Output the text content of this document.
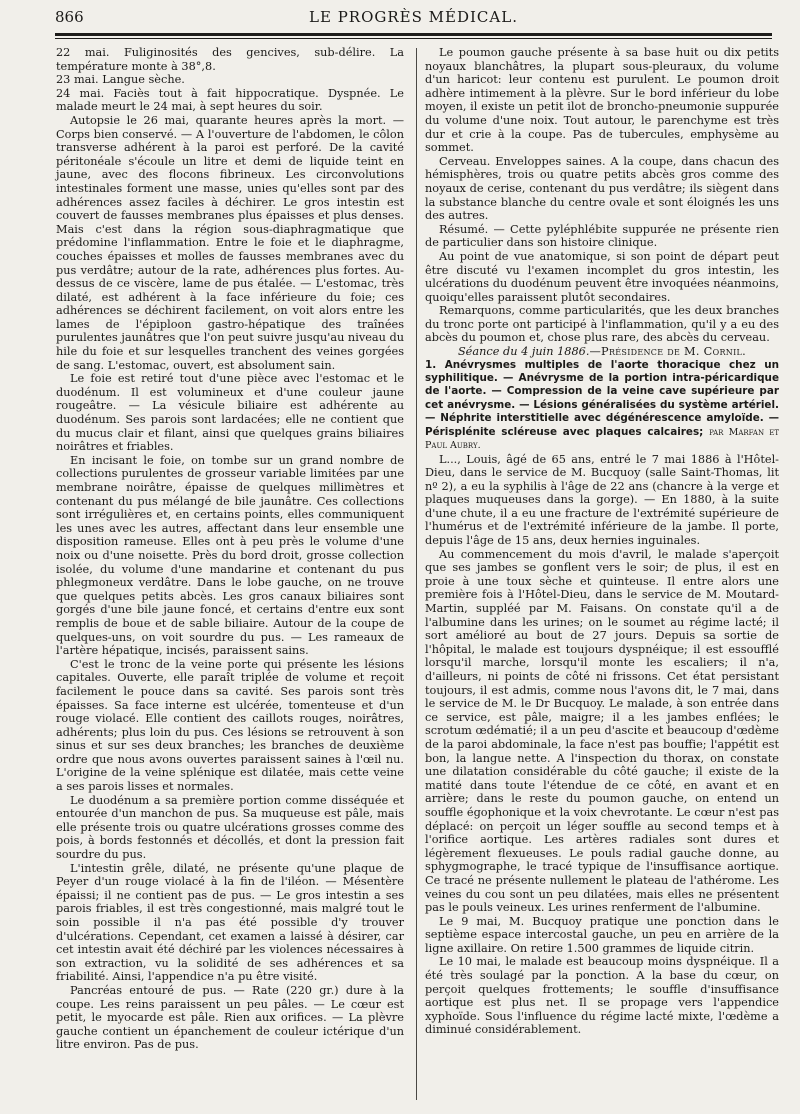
866	LE PROGRÈS MÉDICAL.

22 mai. Fuliginosités des gencives, sub-délire. La température monte à 38°,8.

23 mai. Langue sèche.

24 mai. Faciès tout à fait hippocratique. Dyspnée. Le malade meurt le 24 mai, à sept heures du soir.

Autopsie le 26 mai, quarante heures après la mort. — Corps bien conservé. — A l'ouverture de l'abdomen, le côlon transverse adhérent à la paroi est perforé. De la cavité péritonéale s'écoule un litre et demi de liquide teint en jaune, avec des flocons fibrineux. Les circonvolutions intestinales forment une masse, unies qu'elles sont par des adhérences assez faciles à déchirer. Le gros intestin est couvert de fausses membranes plus épaisses et plus denses. Mais c'est dans la région sous-diaphragmatique que prédomine l'inflammation. Entre le foie et le diaphragme, couches épaisses et molles de fausses membranes avec du pus verdâtre; autour de la rate, adhérences plus fortes. Au-dessus de ce viscère, lame de pus étalée. — L'estomac, très dilaté, est adhérent à la face inférieure du foie; ces adhérences se déchirent facilement, on voit alors entre les lames de l'épiploon gastro-hépatique des traînées purulentes jaunâtres que l'on peut suivre jusqu'au niveau du hile du foie et sur lesquelles tranchent des veines gorgées de sang. L'estomac, ouvert, est absolument sain.

Le foie est retiré tout d'une pièce avec l'estomac et le duodénum. Il est volumineux et d'une couleur jaune rougeâtre. — La vésicule biliaire est adhérente au duodénum. Ses parois sont lardacées; elle ne contient que du mucus clair et filant, ainsi que quelques grains biliaires noirâtres et friables.

En incisant le foie, on tombe sur un grand nombre de collections purulentes de grosseur variable limitées par une membrane noirâtre, épaisse de quelques millimètres et contenant du pus mélangé de bile jaunâtre. Ces collections sont irrégulières et, en certains points, elles communiquent les unes avec les autres, affectant dans leur ensemble une disposition rameuse. Elles ont à peu près le volume d'une noix ou d'une noisette. Près du bord droit, grosse collection isolée, du volume d'une mandarine et contenant du pus phlegmoneux verdâtre. Dans le lobe gauche, on ne trouve que quelques petits abcès. Les gros canaux biliaires sont gorgés d'une bile jaune foncé, et certains d'entre eux sont remplis de boue et de sable biliaire. Autour de la coupe de quelques-uns, on voit sourdre du pus. — Les rameaux de l'artère hépatique, incisés, paraissent sains.

C'est le tronc de la veine porte qui présente les lésions capitales. Ouverte, elle paraît triplée de volume et reçoit facilement le pouce dans sa cavité. Ses parois sont très épaisses. Sa face interne est ulcérée, tomenteuse et d'un rouge violacé. Elle contient des caillots rouges, noirâtres, adhérents; plus loin du pus. Ces lésions se retrouvent à son sinus et sur ses deux branches; les branches de deuxième ordre que nous avons ouvertes paraissent saines à l'œil nu. L'origine de la veine splénique est dilatée, mais cette veine a ses parois lisses et normales.

Le duodénum a sa première portion comme disséquée et entourée d'un manchon de pus. Sa muqueuse est pâle, mais elle présente trois ou quatre ulcérations grosses comme des pois, à bords festonnés et décollés, et dont la pression fait sourdre du pus.

L'intestin grêle, dilaté, ne présente qu'une plaque de Peyer d'un rouge violacé à la fin de l'iléon. — Mésentère épaissi; il ne contient pas de pus. — Le gros intestin a ses parois friables, il est très congestionné, mais malgré tout le soin possible il n'a pas été possible d'y trouver d'ulcérations. Cependant, cet examen a laissé à désirer, car cet intestin avait été déchiré par les violences nécessaires à son extraction, vu la solidité de ses adhérences et sa friabilité. Ainsi, l'appendice n'a pu être visité.

Pancréas entouré de pus. — Rate (220 gr.) dure à la coupe. Les reins paraissent un peu pâles. — Le cœur est petit, le myocarde est pâle. Rien aux orifices. — La plèvre gauche contient un épanchement de couleur ictérique d'un litre environ. Pas de pus.

Le poumon gauche présente à sa base huit ou dix petits noyaux blanchâtres, la plupart sous-pleuraux, du volume d'un haricot: leur contenu est purulent. Le poumon droit adhère intimement à la plèvre. Sur le bord inférieur du lobe moyen, il existe un petit ilot de broncho-pneumonie suppurée du volume d'une noix. Tout autour, le parenchyme est très dur et crie à la coupe. Pas de tubercules, emphysème au sommet.

Cerveau. Enveloppes saines. A la coupe, dans chacun des hémisphères, trois ou quatre petits abcès gros comme des noyaux de cerise, contenant du pus verdâtre; ils siègent dans la substance blanche du centre ovale et sont éloignés les uns des autres.

Résumé. — Cette pyléphlébite suppurée ne présente rien de particulier dans son histoire clinique.

Au point de vue anatomique, si son point de départ peut être discuté vu l'examen incomplet du gros intestin, les ulcérations du duodénum peuvent être invoquées néanmoins, quoiqu'elles paraissent plutôt secondaires.

Remarquons, comme particularités, que les deux branches du tronc porte ont participé à l'inflammation, qu'il y a eu des abcès du poumon et, chose plus rare, des abcès du cerveau.

Séance du 4 juin 1886.—Présidence de M. Cornil.

1. Anévrysmes multiples de l'aorte thoracique chez un syphilitique. — Anévrysme de la portion intra-péricardique de l'aorte. — Compression de la veine cave supérieure par cet anévrysme. — Lésions généralisées du système artériel. — Néphrite interstitielle avec dégénérescence amyloïde. — Périsplénite scléreuse avec plaques calcaires; par Marfan et Paul Aubry.

L..., Louis, âgé de 65 ans, entré le 7 mai 1886 à l'Hôtel-Dieu, dans le service de M. Bucquoy (salle Saint-Thomas, lit nº 2), a eu la syphilis à l'âge de 22 ans (chancre à la verge et plaques muqueuses dans la gorge). — En 1880, à la suite d'une chute, il a eu une fracture de l'extrémité supérieure de l'humérus et de l'extrémité inférieure de la jambe. Il porte, depuis l'âge de 15 ans, deux hernies inguinales.

Au commencement du mois d'avril, le malade s'aperçoit que ses jambes se gonflent vers le soir; de plus, il est en proie à une toux sèche et quinteuse. Il entre alors une première fois à l'Hôtel-Dieu, dans le service de M. Moutard-Martin, suppléé par M. Faisans. On constate qu'il a de l'albumine dans les urines; on le soumet au régime lacté; il sort amélioré au bout de 27 jours. Depuis sa sortie de l'hôpital, le malade est toujours dyspnéique; il est essoufflé lorsqu'il marche, lorsqu'il monte les escaliers; il n'a, d'ailleurs, ni points de côté ni frissons. Cet état persistant toujours, il est admis, comme nous l'avons dit, le 7 mai, dans le service de M. le Dr Bucquoy. Le malade, à son entrée dans ce service, est pâle, maigre; il a les jambes enflées; le scrotum œdématié; il a un peu d'ascite et beaucoup d'œdème de la paroi abdominale, la face n'est pas bouffie; l'appétit est bon, la langue nette. A l'inspection du thorax, on constate une dilatation considérable du côté gauche; il existe de la matité dans toute l'étendue de ce côté, en avant et en arrière; dans le reste du poumon gauche, on entend un souffle égophonique et la voix chevrotante. Le cœur n'est pas déplacé: on perçoit un léger souffle au second temps et à l'orifice aortique. Les artères radiales sont dures et légèrement flexueuses. Le pouls radial gauche donne, au sphygmographe, le tracé typique de l'insuffisance aortique. Ce tracé ne présente nullement le plateau de l'athérome. Les veines du cou sont un peu dilatées, mais elles ne présentent pas le pouls veineux. Les urines renferment de l'albumine.

Le 9 mai, M. Bucquoy pratique une ponction dans le septième espace intercostal gauche, un peu en arrière de la ligne axillaire. On retire 1.500 grammes de liquide citrin.

Le 10 mai, le malade est beaucoup moins dyspnéique. Il a été très soulagé par la ponction. A la base du cœur, on perçoit quelques frottements; le souffle d'insuffisance aortique est plus net. Il se propage vers l'appendice xyphoïde. Sous l'influence du régime lacté mixte, l'œdème a diminué considérablement.
